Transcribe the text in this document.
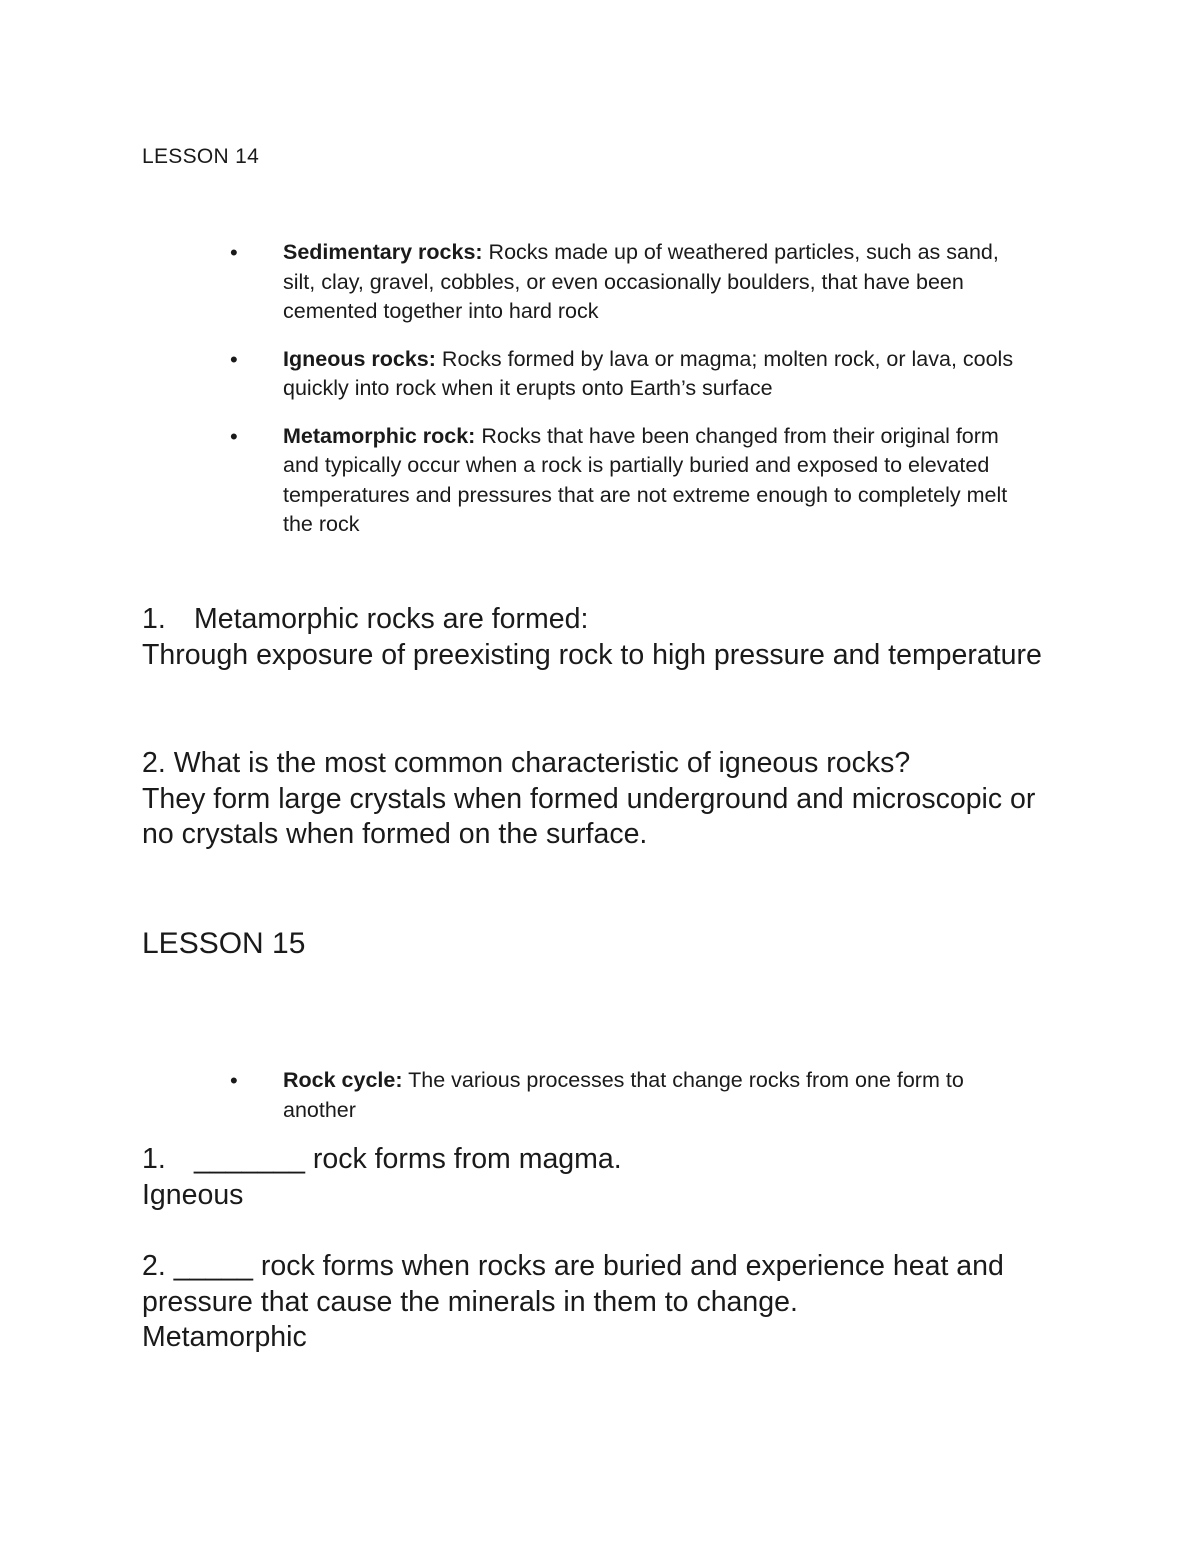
LESSON 14
• Sedimentary rocks: Rocks made up of weathered particles, such as sand, silt, clay, gravel, cobbles, or even occasionally boulders, that have been cemented together into hard rock
• Igneous rocks: Rocks formed by lava or magma; molten rock, or lava, cools quickly into rock when it erupts onto Earth’s surface
• Metamorphic rock: Rocks that have been changed from their original form and typically occur when a rock is partially buried and exposed to elevated temperatures and pressures that are not extreme enough to completely melt the rock

1. Metamorphic rocks are formed:

Through exposure of preexisting rock to high pressure and temperature

2. What is the most common characteristic of igneous rocks?

They form large crystals when formed underground and microscopic or no crystals when formed on the surface.

LESSON 15
• Rock cycle: The various processes that change rocks from one form to another

1. _______ rock forms from magma.

Igneous

2. _____ rock forms when rocks are buried and experience heat and pressure that cause the minerals in them to change.

Metamorphic
